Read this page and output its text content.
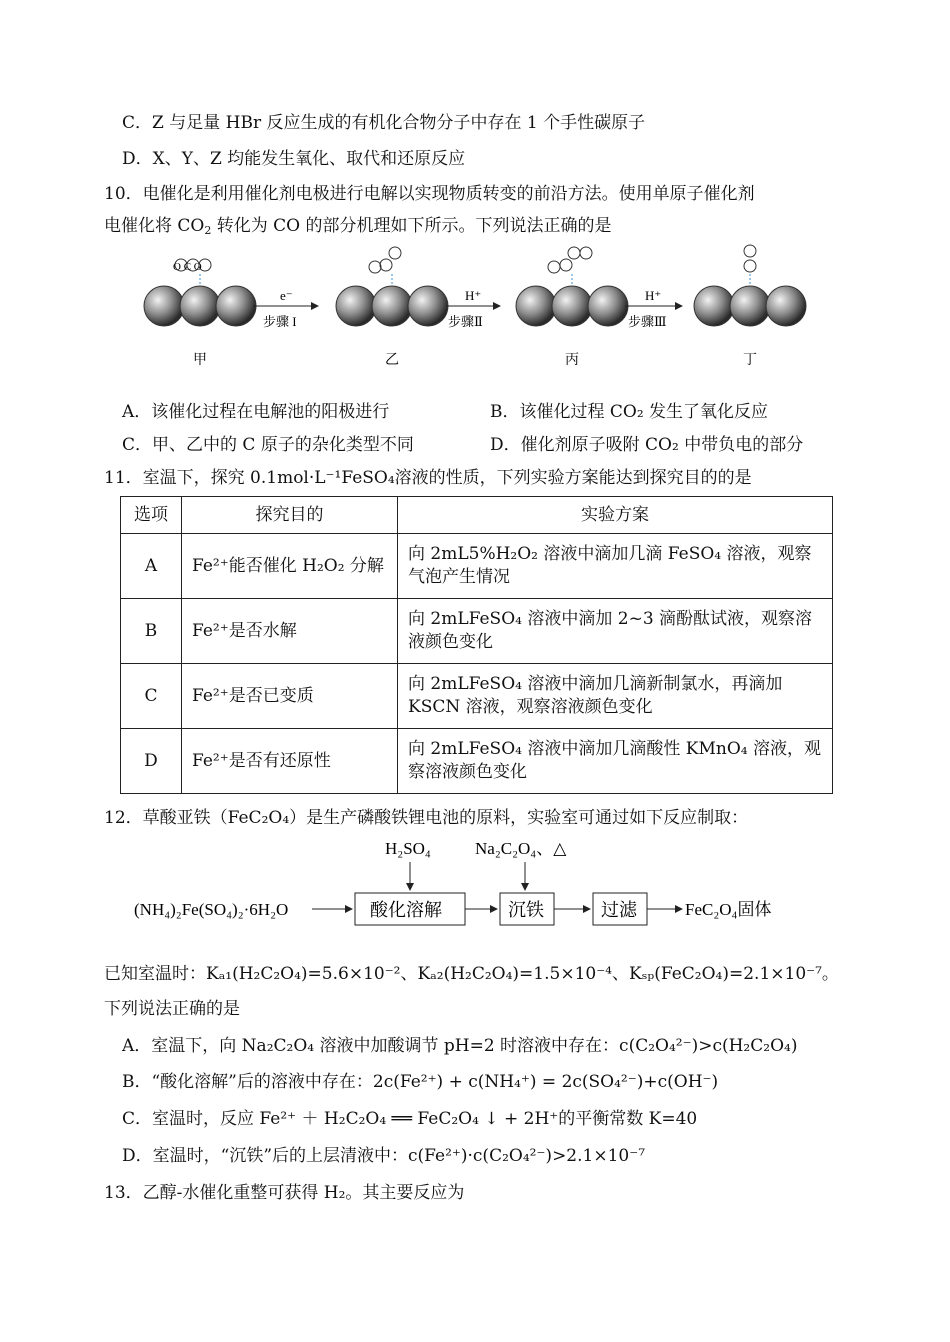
C．Z 与足量 HBr 反应生成的有机化合物分子中存在 1 个手性碳原子
D．X、Y、Z 均能发生氧化、取代和还原反应
10．电催化是利用催化剂电极进行电解以实现物质转变的前沿方法。使用单原子催化剂
电催化将 $CO_2$ 转化为 CO 的部分机理如下所示。下列说法正确的是
O C O
e⁻
步骤 I
H⁺
步骤Ⅱ
H⁺
步骤Ⅲ
甲	乙	丙	丁
A．该催化过程在电解池的阳极进行	B．该催化过程 CO₂ 发生了氧化反应
C．甲、乙中的 C 原子的杂化类型不同	D．催化剂原子吸附 CO₂ 中带负电的部分
11．室温下，探究 0.1mol·L⁻¹FeSO₄溶液的性质，下列实验方案能达到探究目的的是
选项	探究目的	实验方案
A	Fe²⁺能否催化 H₂O₂ 分解	向 2mL5%H₂O₂ 溶液中滴加几滴 FeSO₄ 溶液，观察气泡产生情况
B	Fe²⁺是否水解	向 2mLFeSO₄ 溶液中滴加 2~3 滴酚酞试液，观察溶液颜色变化
C	Fe²⁺是否已变质	向 2mLFeSO₄ 溶液中滴加几滴新制氯水，再滴加 KSCN 溶液，观察溶液颜色变化
D	Fe²⁺是否有还原性	向 2mLFeSO₄ 溶液中滴加几滴酸性 KMnO₄ 溶液，观察溶液颜色变化
12．草酸亚铁（FeC₂O₄）是生产磷酸铁锂电池的原料，实验室可通过如下反应制取：
H₂SO₄	Na₂C₂O₄、△
(NH₄)₂Fe(SO₄)₂·6H₂O	酸化溶解	沉铁	过滤	FeC₂O₄固体
已知室温时：Kₐ₁(H₂C₂O₄)=5.6×10⁻²、Kₐ₂(H₂C₂O₄)=1.5×10⁻⁴、Kₛₚ(FeC₂O₄)=2.1×10⁻⁷。
下列说法正确的是
A．室温下，向 Na₂C₂O₄ 溶液中加酸调节 pH=2 时溶液中存在：c(C₂O₄²⁻)>c(H₂C₂O₄)
B．“酸化溶解”后的溶液中存在：2c(Fe²⁺) + c(NH₄⁺) = 2c(SO₄²⁻)+c(OH⁻)
C．室温时，反应 Fe²⁺ ＋ H₂C₂O₄ ══ FeC₂O₄ ↓ + 2H⁺的平衡常数 K=40
D．室温时，“沉铁”后的上层清液中：c(Fe²⁺)·c(C₂O₄²⁻)>2.1×10⁻⁷
13．乙醇-水催化重整可获得 H₂。其主要反应为
